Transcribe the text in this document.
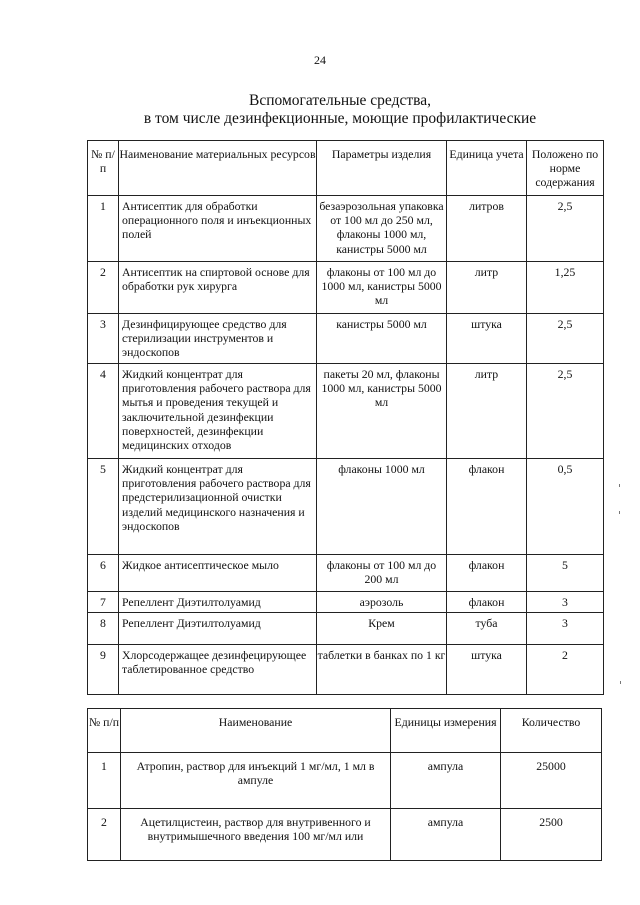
24
Вспомогательные средства,
в том числе дезинфекционные, моющие профилактические
№ п/п	Наименование материальных ресурсов	Параметры изделия	Единица учета	Положено по норме содержания
1	Антисептик для обработки операционного поля и инъекционных полей	безаэрозольная упаковка от 100 мл до 250 мл, флаконы 1000 мл, канистры 5000 мл	литров	2,5
2	Антисептик на спиртовой основе для обработки рук хирурга	флаконы от 100 мл до 1000 мл, канистры 5000 мл	литр	1,25
3	Дезинфицирующее средство для стерилизации инструментов и эндоскопов	канистры 5000 мл	штука	2,5
4	Жидкий концентрат для приготовления рабочего раствора для мытья и проведения текущей и заключительной дезинфекции поверхностей, дезинфекции медицинских отходов	пакеты 20 мл, флаконы 1000 мл, канистры 5000 мл	литр	2,5
5	Жидкий концентрат для приготовления рабочего раствора для предстерилизационной очистки изделий медицинского назначения и эндоскопов	флаконы 1000 мл	флакон	0,5
6	Жидкое антисептическое мыло	флаконы от 100 мл до 200 мл	флакон	5
7	Репеллент Диэтилтолуамид	аэрозоль	флакон	3
8	Репеллент Диэтилтолуамид	Крем	туба	3
9	Хлорсодержащее дезинфецирующее таблетированное средство	таблетки в банках по 1 кг	штука	2
№ п/п	Наименование	Единицы измерения	Количество
1	Атропин, раствор для инъекций 1 мг/мл, 1 мл в ампуле	ампула	25000
2	Ацетилцистеин, раствор для внутривенного и внутримышечного введения 100 мг/мл или	ампула	2500
